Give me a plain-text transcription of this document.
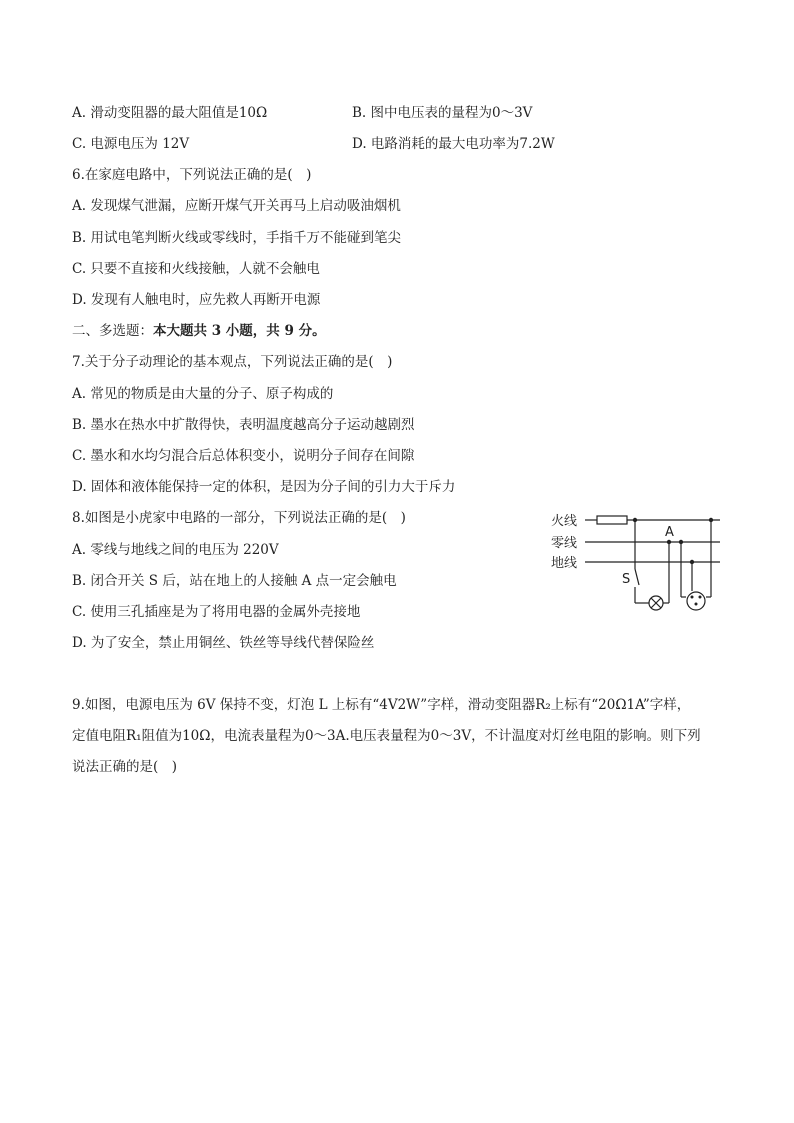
A. 滑动变阻器的最大阻值是10Ω	B. 图中电压表的量程为0～3V
C. 电源电压为 12V	D. 电路消耗的最大电功率为7.2W
6.在家庭电路中，下列说法正确的是(　)
A. 发现煤气泄漏，应断开煤气开关再马上启动吸油烟机
B. 用试电笔判断火线或零线时，手指千万不能碰到笔尖
C. 只要不直接和火线接触，人就不会触电
D. 发现有人触电时，应先救人再断开电源
二、多选题：本大题共 3 小题，共 9 分。
7.关于分子动理论的基本观点，下列说法正确的是(　)
A. 常见的物质是由大量的分子、原子构成的
B. 墨水在热水中扩散得快，表明温度越高分子运动越剧烈
C. 墨水和水均匀混合后总体积变小，说明分子间存在间隙
D. 固体和液体能保持一定的体积，是因为分子间的引力大于斥力
8.如图是小虎家中电路的一部分，下列说法正确的是(　)
A. 零线与地线之间的电压为 220V
B. 闭合开关 S 后，站在地上的人接触 A 点一定会触电
C. 使用三孔插座是为了将用电器的金属外壳接地
D. 为了安全，禁止用铜丝、铁丝等导线代替保险丝
火线
零线
地线
A
S
9.如图，电源电压为 6V 保持不变，灯泡 L 上标有“4V2W”字样，滑动变阻器R₂上标有“20Ω1A”字样，
定值电阻R₁阻值为10Ω，电流表量程为0～3A.电压表量程为0～3V，不计温度对灯丝电阻的影响。则下列
说法正确的是(　)
